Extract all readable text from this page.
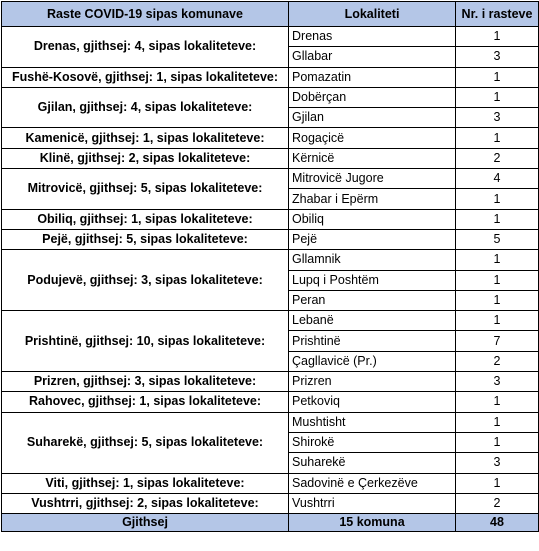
Raste COVID-19 sipas komunave	Lokaliteti	Nr. i rasteve
Drenas, gjithsej: 4, sipas lokaliteteve:	Drenas	1
	Gllabar	3
Fushë-Kosovë, gjithsej: 1, sipas lokaliteteve:	Pomazatin	1
Gjilan, gjithsej: 4, sipas lokaliteteve:	Dobërçan	1
	Gjilan	3
Kamenicë, gjithsej: 1, sipas lokaliteteve:	Rogaçicë	1
Klinë, gjithsej: 2, sipas lokaliteteve:	Kërnicë	2
Mitrovicë, gjithsej: 5, sipas lokaliteteve:	Mitrovicë Jugore	4
	Zhabar i Epërm	1
Obiliq, gjithsej: 1, sipas lokaliteteve:	Obiliq	1
Pejë, gjithsej: 5, sipas lokaliteteve:	Pejë	5
Podujevë, gjithsej: 3, sipas lokaliteteve:	Gllamnik	1
	Lupq i Poshtëm	1
	Peran	1
Prishtinë, gjithsej: 10, sipas lokaliteteve:	Lebanë	1
	Prishtinë	7
	Çagllavicë (Pr.)	2
Prizren, gjithsej: 3, sipas lokaliteteve:	Prizren	3
Rahovec, gjithsej: 1, sipas lokaliteteve:	Petkoviq	1
Suharekë, gjithsej: 5, sipas lokaliteteve:	Mushtisht	1
	Shirokë	1
	Suharekë	3
Viti, gjithsej: 1, sipas lokaliteteve:	Sadovinë e Çerkezëve	1
Vushtrri, gjithsej: 2, sipas lokaliteteve:	Vushtrri	2
Gjithsej	15 komuna	48
